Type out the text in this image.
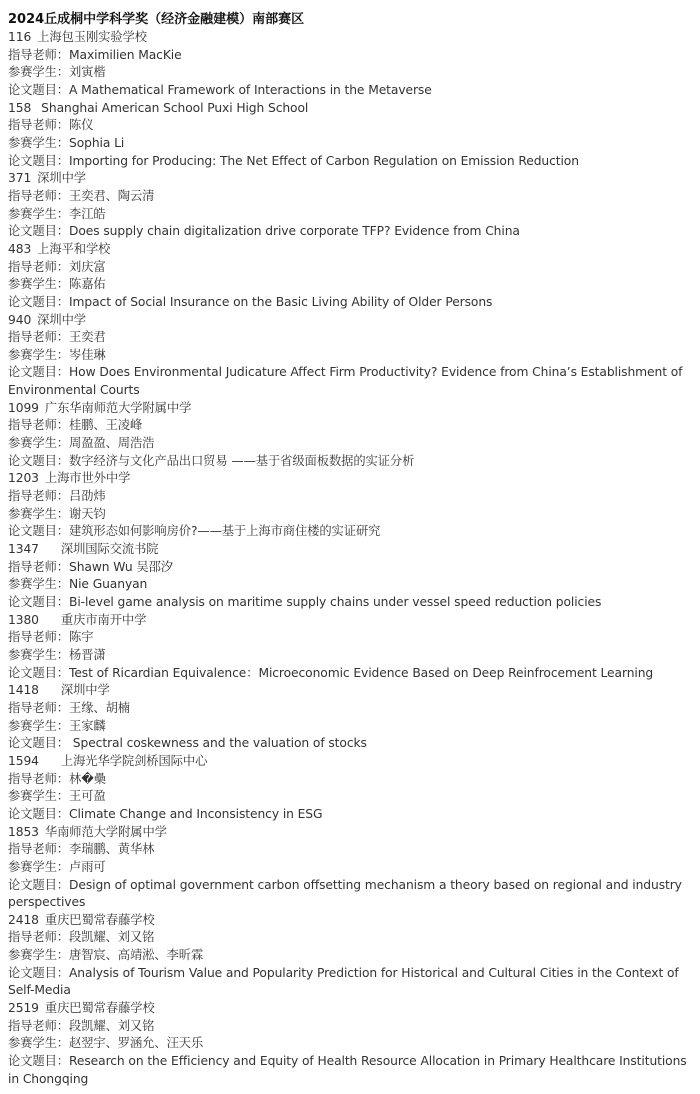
2024丘成桐中学科学奖（经济金融建模）南部赛区
116 上海包玉刚实验学校
指导老师：Maximilien MacKie
参赛学生：刘寅楷
论文题目：A Mathematical Framework of Interactions in the Metaverse
158 Shanghai American School Puxi High School
指导老师：陈仪
参赛学生：Sophia Li
论文题目：Importing for Producing: The Net Effect of Carbon Regulation on Emission Reduction
371 深圳中学
指导老师：王奕君、陶云清
参赛学生：李江皓
论文题目：Does supply chain digitalization drive corporate TFP? Evidence from China
483 上海平和学校
指导老师：刘庆富
参赛学生：陈嘉佑
论文题目：Impact of Social Insurance on the Basic Living Ability of Older Persons
940 深圳中学
指导老师：王奕君
参赛学生：岑佳琳
论文题目：How Does Environmental Judicature Affect Firm Productivity? Evidence from China’s Establishment of Environmental Courts
1099 广东华南师范大学附属中学
指导老师：桂鹏、王凌峰
参赛学生：周盈盈、周浩浩
论文题目：数字经济与文化产品出口贸易 ——基于省级面板数据的实证分析
1203 上海市世外中学
指导老师：吕劭炜
参赛学生：谢天钧
论文题目：建筑形态如何影响房价?——基于上海市商住楼的实证研究
1347 深圳国际交流书院
指导老师：Shawn Wu 吴邵汐
参赛学生：Nie Guanyan
论文题目：Bi-level game analysis on maritime supply chains under vessel speed reduction policies
1380 重庆市南开中学
指导老师：陈宇
参赛学生：杨晋潇
论文题目：Test of Ricardian Equivalence：Microeconomic Evidence Based on Deep Reinfrocement Learning
1418 深圳中学
指导老师：王缘、胡楠
参赛学生：王家麟
论文题目： Spectral coskewness and the valuation of stocks
1594 上海光华学院剑桥国际中心
指导老师：林�櫐
参赛学生：王可盈
论文题目：Climate Change and Inconsistency in ESG
1853 华南师范大学附属中学
指导老师：李瑞鹏、黄华林
参赛学生：卢雨可
论文题目：Design of optimal government carbon offsetting mechanism a theory based on regional and industry perspectives
2418 重庆巴蜀常春藤学校
指导老师：段凯耀、刘又铭
参赛学生：唐智宸、高靖淞、李昕霖
论文题目：Analysis of Tourism Value and Popularity Prediction for Historical and Cultural Cities in the Context of Self-Media
2519 重庆巴蜀常春藤学校
指导老师：段凯耀、刘又铭
参赛学生：赵翌宇、罗涵允、汪天乐
论文题目：Research on the Efficiency and Equity of Health Resource Allocation in Primary Healthcare Institutions in Chongqing
